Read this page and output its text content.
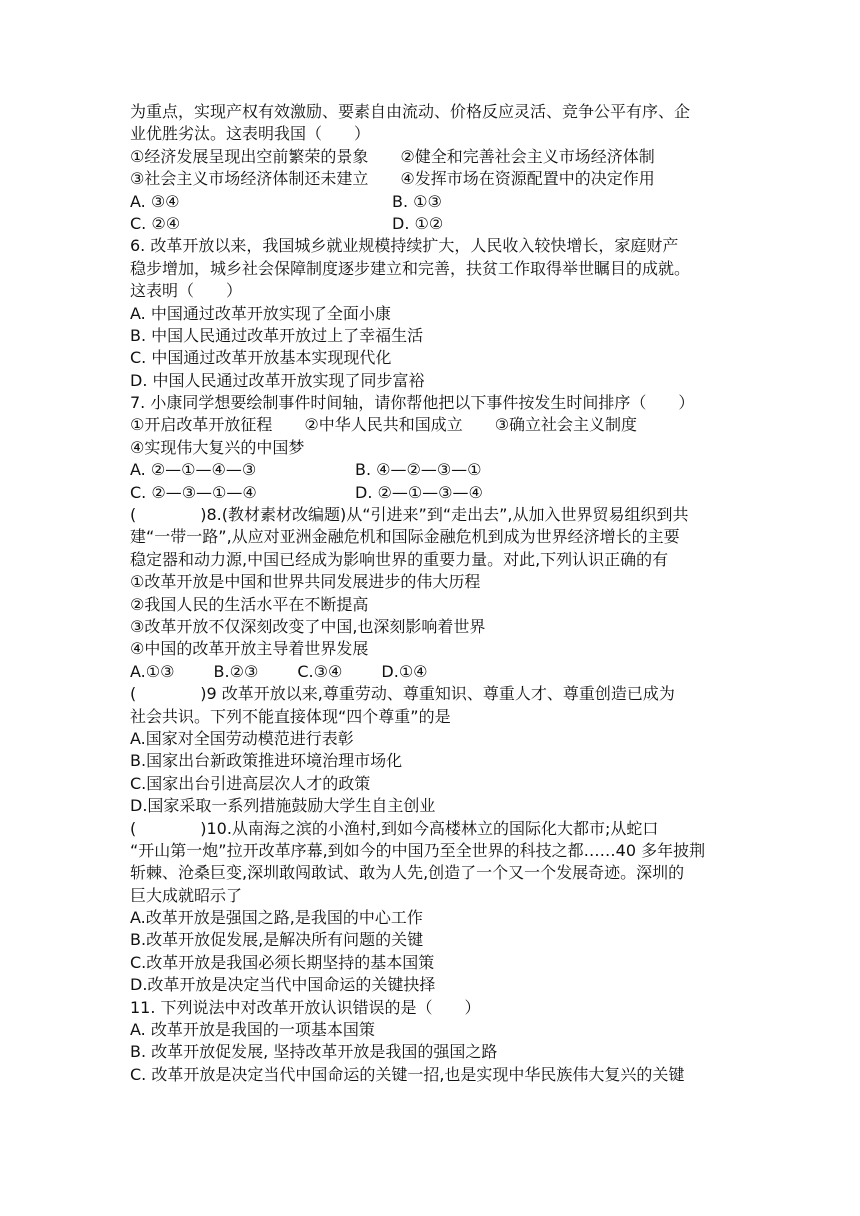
为重点，实现产权有效激励、要素自由流动、价格反应灵活、竞争公平有序、企
业优胜劣汰。这表明我国（　　）
①经济发展呈现出空前繁荣的景象　　②健全和完善社会主义市场经济体制
③社会主义市场经济体制还未建立　　④发挥市场在资源配置中的决定作用
A. ③④	B. ①③
C. ②④	D. ①②
6. 改革开放以来，我国城乡就业规模持续扩大，人民收入较快增长，家庭财产
稳步增加，城乡社会保障制度逐步建立和完善，扶贫工作取得举世瞩目的成就。
这表明（　　）
A. 中国通过改革开放实现了全面小康
B. 中国人民通过改革开放过上了幸福生活
C. 中国通过改革开放基本实现现代化
D. 中国人民通过改革开放实现了同步富裕
7. 小康同学想要绘制事件时间轴，请你帮他把以下事件按发生时间排序（　　）
①开启改革开放征程　　②中华人民共和国成立　　③确立社会主义制度
④实现伟大复兴的中国梦
A. ②—①—④—③	B. ④—②—③—①
C. ②—③—①—④	D. ②—①—③—④
(　　　　)8.(教材素材改编题)从“引进来”到“走出去”,从加入世界贸易组织到共
建“一带一路”,从应对亚洲金融危机和国际金融危机到成为世界经济增长的主要
稳定器和动力源,中国已经成为影响世界的重要力量。对此,下列认识正确的有
①改革开放是中国和世界共同发展进步的伟大历程
②我国人民的生活水平在不断提高
③改革开放不仅深刻改变了中国,也深刻影响着世界
④中国的改革开放主导着世界发展
A.①③ B.②③ C.③④ D.①④
(　　　　)9 改革开放以来,尊重劳动、尊重知识、尊重人才、尊重创造已成为
社会共识。下列不能直接体现“四个尊重”的是
A.国家对全国劳动模范进行表彰
B.国家出台新政策推进环境治理市场化
C.国家出台引进高层次人才的政策
D.国家采取一系列措施鼓励大学生自主创业
(　　　　)10.从南海之滨的小渔村,到如今高楼林立的国际化大都市;从蛇口
“开山第一炮”拉开改革序幕,到如今的中国乃至全世界的科技之都……40 多年披荆
斩棘、沧桑巨变,深圳敢闯敢试、敢为人先,创造了一个又一个发展奇迹。深圳的
巨大成就昭示了
A.改革开放是强国之路,是我国的中心工作
B.改革开放促发展,是解决所有问题的关键
C.改革开放是我国必须长期坚持的基本国策
D.改革开放是决定当代中国命运的关键抉择
11. 下列说法中对改革开放认识错误的是（　　）
A. 改革开放是我国的一项基本国策
B. 改革开放促发展, 坚持改革开放是我国的强国之路
C. 改革开放是决定当代中国命运的关键一招,也是实现中华民族伟大复兴的关键
